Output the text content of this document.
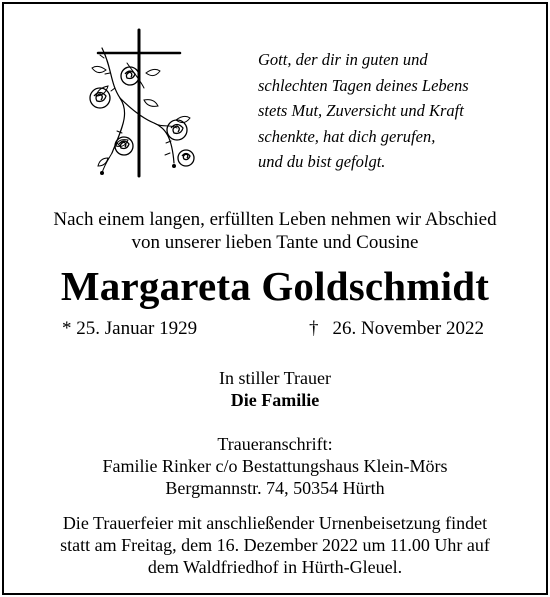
Gott, der dir in guten und
schlechten Tagen deines Lebens
stets Mut, Zuversicht und Kraft
schenkte, hat dich gerufen,
und du bist gefolgt.
Nach einem langen, erfüllten Leben nehmen wir Abschied
von unserer lieben Tante und Cousine
Margareta Goldschmidt
* 25. Januar 1929	† 26. November 2022
In stiller Trauer
Die Familie
Traueranschrift:
Familie Rinker c/o Bestattungshaus Klein-Mörs
Bergmannstr. 74, 50354 Hürth
Die Trauerfeier mit anschließender Urnenbeisetzung findet
statt am Freitag, dem 16. Dezember 2022 um 11.00 Uhr auf
dem Waldfriedhof in Hürth-Gleuel.
